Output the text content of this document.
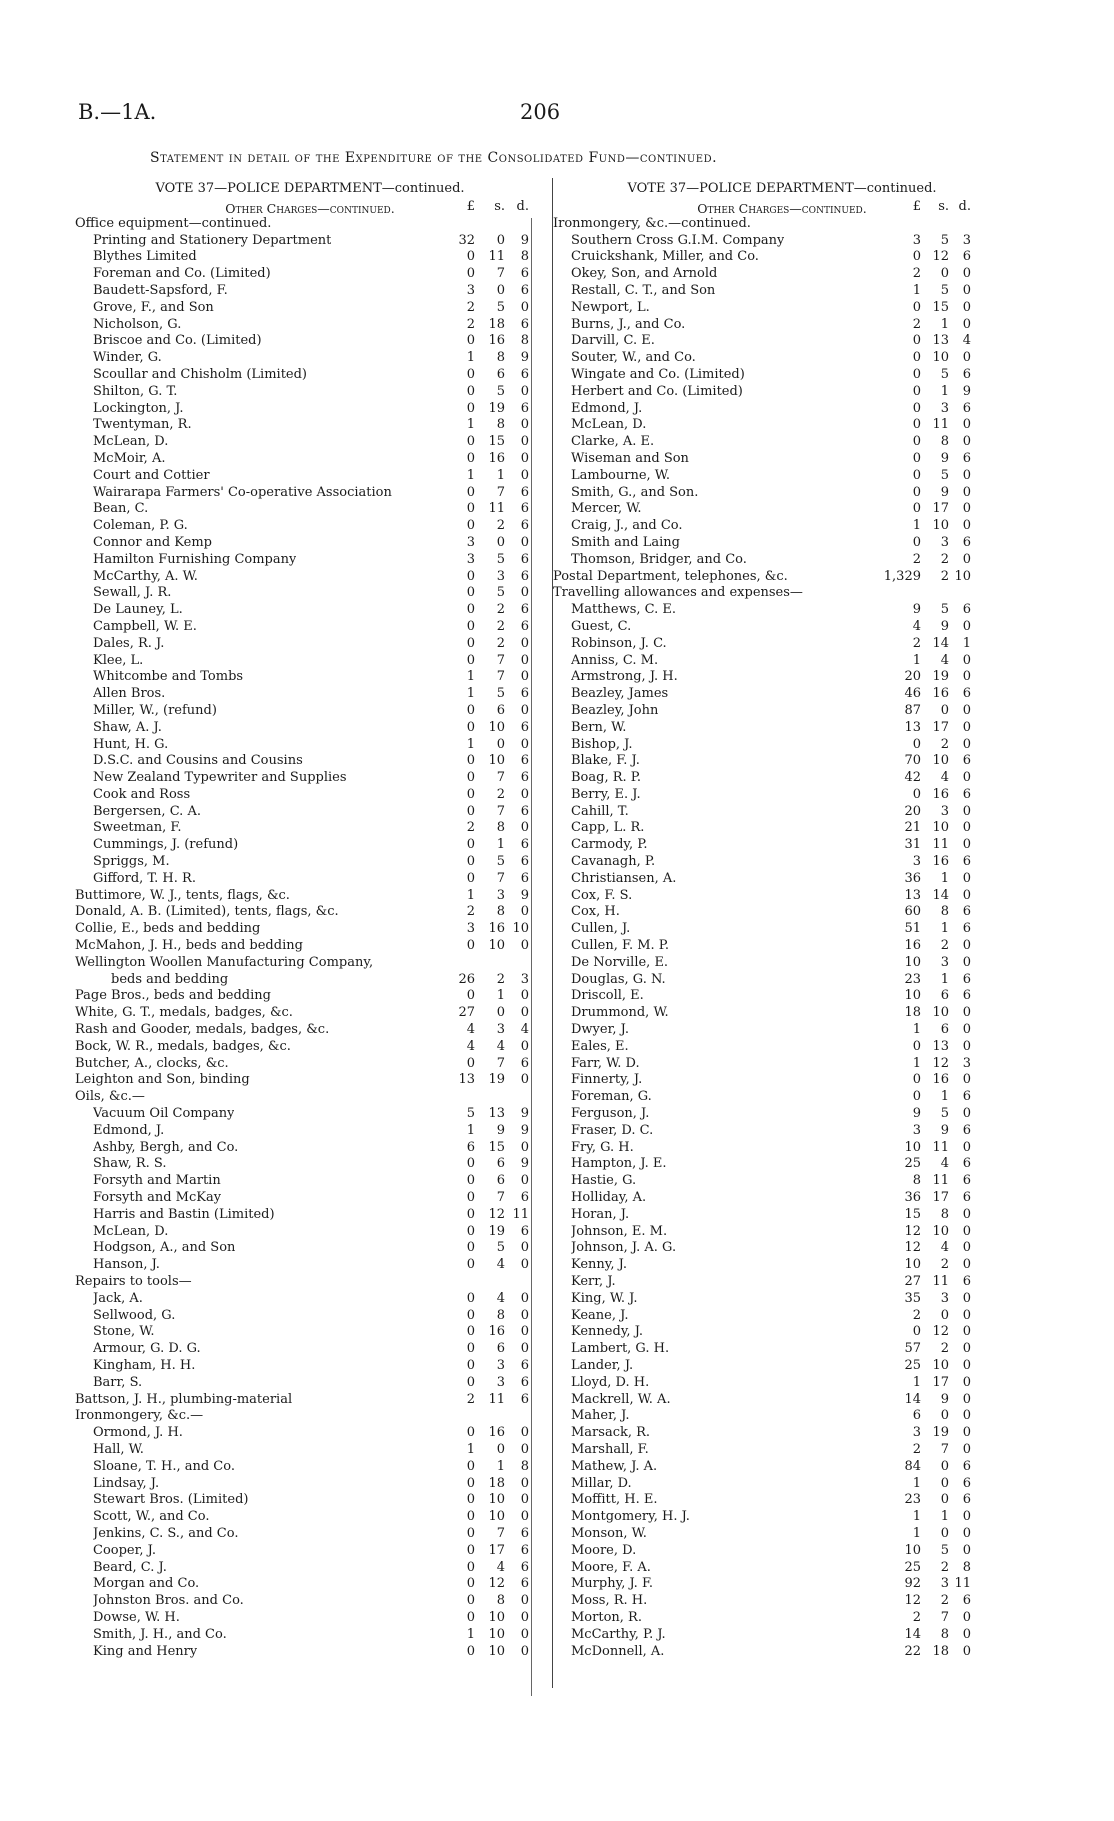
B.—1A.	206
Statement in detail of the Expenditure of the Consolidated Fund—continued.
VOTE 37—POLICE DEPARTMENT—continued.
Other Charges—continued.	£	s. d.
Office equipment—continued.
Printing and Stationery Department	32	0	9
Blythes Limited	0	11	8
Foreman and Co. (Limited)	0	7	6
Baudett-Sapsford, F.	3	0	6
Grove, F., and Son	2	5	0
Nicholson, G.	2	18	6
Briscoe and Co. (Limited)	0	16	8
Winder, G.	1	8	9
Scoullar and Chisholm (Limited)	0	6	6
Shilton, G. T.	0	5	0
Lockington, J.	0	19	6
Twentyman, R.	1	8	0
McLean, D.	0	15	0
McMoir, A.	0	16	0
Court and Cottier	1	1	0
Wairarapa Farmers' Co-operative Association	0	7	6
Bean, C.	0	11	6
Coleman, P. G.	0	2	6
Connor and Kemp	3	0	0
Hamilton Furnishing Company	3	5	6
McCarthy, A. W.	0	3	6
Sewall, J. R.	0	5	0
De Launey, L.	0	2	6
Campbell, W. E.	0	2	6
Dales, R. J.	0	2	0
Klee, L.	0	7	0
Whitcombe and Tombs	1	7	0
Allen Bros.	1	5	6
Miller, W., (refund)	0	6	0
Shaw, A. J.	0	10	6
Hunt, H. G.	1	0	0
D.S.C. and Cousins and Cousins	0	10	6
New Zealand Typewriter and Supplies	0	7	6
Cook and Ross	0	2	0
Bergersen, C. A.	0	7	6
Sweetman, F.	2	8	0
Cummings, J. (refund)	0	1	6
Spriggs, M.	0	5	6
Gifford, T. H. R.	0	7	6
Buttimore, W. J., tents, flags, &c.	1	3	9
Donald, A. B. (Limited), tents, flags, &c.	2	8	0
Collie, E., beds and bedding	3	16 10
McMahon, J. H., beds and bedding	0	10	0
Wellington Woollen Manufacturing Company,
beds and bedding	26	2	3
Page Bros., beds and bedding	0	1	0
White, G. T., medals, badges, &c.	27	0	0
Rash and Gooder, medals, badges, &c.	4	3	4
Bock, W. R., medals, badges, &c.	4	4	0
Butcher, A., clocks, &c.	0	7	6
Leighton and Son, binding	13	19	0
Oils, &c.—
Vacuum Oil Company	5	13	9
Edmond, J.	1	9	9
Ashby, Bergh, and Co.	6	15	0
Shaw, R. S.	0	6	9
Forsyth and Martin	0	6	0
Forsyth and McKay	0	7	6
Harris and Bastin (Limited)	0	12 11
McLean, D.	0	19	6
Hodgson, A., and Son	0	5	0
Hanson, J.	0	4	0
Repairs to tools—
Jack, A.	0	4	0
Sellwood, G.	0	8	0
Stone, W.	0	16	0
Armour, G. D. G.	0	6	0
Kingham, H. H.	0	3	6
Barr, S.	0	3	6
Battson, J. H., plumbing-material	2	11	6
Ironmongery, &c.—
Ormond, J. H.	0	16	0
Hall, W.	1	0	0
Sloane, T. H., and Co.	0	1	8
Lindsay, J.	0	18	0
Stewart Bros. (Limited)	0	10	0
Scott, W., and Co.	0	10	0
Jenkins, C. S., and Co.	0	7	6
Cooper, J.	0	17	6
Beard, C. J.	0	4	6
Morgan and Co.	0	12	6
Johnston Bros. and Co.	0	8	0
Dowse, W. H.	0	10	0
Smith, J. H., and Co.	1	10	0
King and Henry	0	10	0
VOTE 37—POLICE DEPARTMENT—continued.
Other Charges—continued.	£	s. d.
Ironmongery, &c.—continued.
Southern Cross G.I.M. Company	3	5	3
Cruickshank, Miller, and Co.	0 12	6
Okey, Son, and Arnold	2	0	0
Restall, C. T., and Son	1	5	0
Newport, L.	0 15	0
Burns, J., and Co.	2	1	0
Darvill, C. E.	0 13	4
Souter, W., and Co.	0 10	0
Wingate and Co. (Limited)	0	5	6
Herbert and Co. (Limited)	0	1	9
Edmond, J.	0	3	6
McLean, D.	0 11	0
Clarke, A. E.	0	8	0
Wiseman and Son	0	9	6
Lambourne, W.	0	5	0
Smith, G., and Son.	0	9	0
Mercer, W.	0 17	0
Craig, J., and Co.	1 10	0
Smith and Laing	0	3	6
Thomson, Bridger, and Co.	2	2	0
Postal Department, telephones, &c.	1,329	2 10
Travelling allowances and expenses—
Matthews, C. E.	9	5	6
Guest, C.	4	9	0
Robinson, J. C.	2 14	1
Anniss, C. M.	1	4	0
Armstrong, J. H.	20 19	0
Beazley, James	46 16	6
Beazley, John	87	0	0
Bern, W.	13 17	0
Bishop, J.	0	2	0
Blake, F. J.	70 10	6
Boag, R. P.	42	4	0
Berry, E. J.	0 16	6
Cahill, T.	20	3	0
Capp, L. R.	21 10	0
Carmody, P.	31 11	0
Cavanagh, P.	3 16	6
Christiansen, A.	36	1	0
Cox, F. S.	13 14	0
Cox, H.	60	8	6
Cullen, J.	51	1	6
Cullen, F. M. P.	16	2	0
De Norville, E.	10	3	0
Douglas, G. N.	23	1	6
Driscoll, E.	10	6	6
Drummond, W.	18 10	0
Dwyer, J.	1	6	0
Eales, E.	0 13	0
Farr, W. D.	1 12	3
Finnerty, J.	0 16	0
Foreman, G.	0	1	6
Ferguson, J.	9	5	0
Fraser, D. C.	3	9	6
Fry, G. H.	10 11	0
Hampton, J. E.	25	4	6
Hastie, G.	8 11	6
Holliday, A.	36 17	6
Horan, J.	15	8	0
Johnson, E. M.	12 10	0
Johnson, J. A. G.	12	4	0
Kenny, J.	10	2	0
Kerr, J.	27 11	6
King, W. J.	35	3	0
Keane, J.	2	0	0
Kennedy, J.	0 12	0
Lambert, G. H.	57	2	0
Lander, J.	25 10	0
Lloyd, D. H.	1 17	0
Mackrell, W. A.	14	9	0
Maher, J.	6	0	0
Marsack, R.	3 19	0
Marshall, F.	2	7	0
Mathew, J. A.	84	0	6
Millar, D.	1	0	6
Moffitt, H. E.	23	0	6
Montgomery, H. J.	1	1	0
Monson, W.	1	0	0
Moore, D.	10	5	0
Moore, F. A.	25	2	8
Murphy, J. F.	92	3 11
Moss, R. H.	12	2	6
Morton, R.	2	7	0
McCarthy, P. J.	14	8	0
McDonnell, A.	22 18	0
